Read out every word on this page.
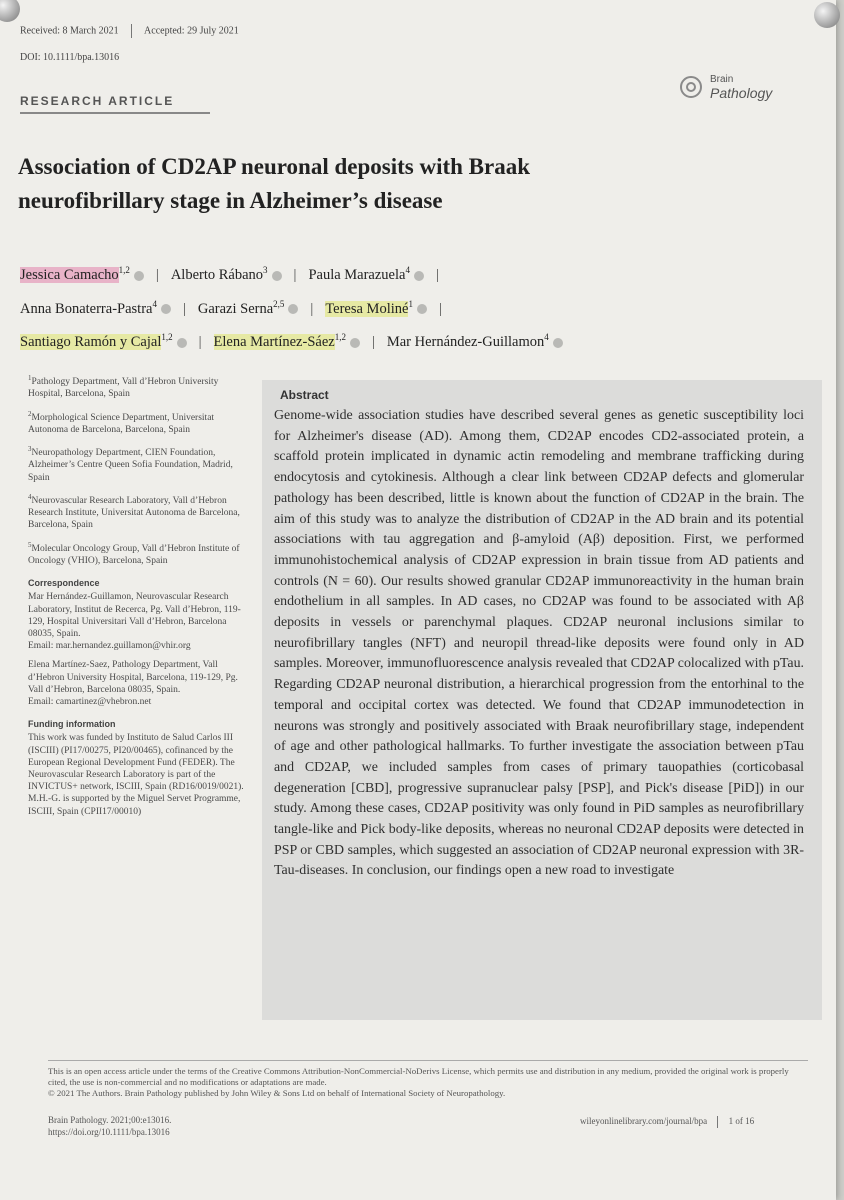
Received: 8 March 2021	Accepted: 29 July 2021
DOI: 10.1111/bpa.13016
Brain
Pathology
RESEARCH ARTICLE
Association of CD2AP neuronal deposits with Braak neurofibrillary stage in Alzheimer’s disease
Jessica Camacho$^{1,2}$ | Alberto Rábano$^3$ | Paula Marazuela$^4$ |
Anna Bonaterra-Pastra$^4$ | Garazi Serna$^{2,5}$ | Teresa Moliné$^1$ |
Santiago Ramón y Cajal$^{1,2}$ | Elena Martínez-Sáez$^{1,2}$ | Mar Hernández-Guillamon$^4$

$^1$Pathology Department, Vall d’Hebron University Hospital, Barcelona, Spain

$^2$Morphological Science Department, Universitat Autonoma de Barcelona, Barcelona, Spain

$^3$Neuropathology Department, CIEN Foundation, Alzheimer’s Centre Queen Sofia Foundation, Madrid, Spain

$^4$Neurovascular Research Laboratory, Vall d’Hebron Research Institute, Universitat Autonoma de Barcelona, Barcelona, Spain

$^5$Molecular Oncology Group, Vall d’Hebron Institute of Oncology (VHIO), Barcelona, Spain

Correspondence

Mar Hernández-Guillamon, Neurovascular Research Laboratory, Institut de Recerca, Pg. Vall d’Hebron, 119-129, Hospital Universitari Vall d’Hebron, Barcelona 08035, Spain.
Email: mar.hernandez.guillamon@vhir.org

Elena Martínez-Saez, Pathology Department, Vall d’Hebron University Hospital, Barcelona, 119-129, Pg. Vall d’Hebron, Barcelona 08035, Spain.
Email: camartinez@vhebron.net

Funding information

This work was funded by Instituto de Salud Carlos III (ISCIII) (PI17/00275, PI20/00465), cofinanced by the European Regional Development Fund (FEDER). The Neurovascular Research Laboratory is part of the INVICTUS+ network, ISCIII, Spain (RD16/0019/0021). M.H.-G. is supported by the Miguel Servet Programme, ISCIII, Spain (CPII17/00010)

Abstract

Genome-wide association studies have described several genes as genetic susceptibility loci for Alzheimer's disease (AD). Among them, CD2AP encodes CD2-associated protein, a scaffold protein implicated in dynamic actin remodeling and membrane trafficking during endocytosis and cytokinesis. Although a clear link between CD2AP defects and glomerular pathology has been described, little is known about the function of CD2AP in the brain. The aim of this study was to analyze the distribution of CD2AP in the AD brain and its potential associations with tau aggregation and β-amyloid (Aβ) deposition. First, we performed immunohistochemical analysis of CD2AP expression in brain tissue from AD patients and controls (N = 60). Our results showed granular CD2AP immunoreactivity in the human brain endothelium in all samples. In AD cases, no CD2AP was found to be associated with Aβ deposits in vessels or parenchymal plaques. CD2AP neuronal inclusions similar to neurofibrillary tangles (NFT) and neuropil thread-like deposits were found only in AD samples. Moreover, immunofluorescence analysis revealed that CD2AP colocalized with pTau. Regarding CD2AP neuronal distribution, a hierarchical progression from the entorhinal to the temporal and occipital cortex was detected. We found that CD2AP immunodetection in neurons was strongly and positively associated with Braak neurofibrillary stage, independent of age and other pathological hallmarks. To further investigate the association between pTau and CD2AP, we included samples from cases of primary tauopathies (corticobasal degeneration [CBD], progressive supranuclear palsy [PSP], and Pick's disease [PiD]) in our study. Among these cases, CD2AP positivity was only found in PiD samples as neurofibrillary tangle-like and Pick body-like deposits, whereas no neuronal CD2AP deposits were detected in PSP or CBD samples, which suggested an association of CD2AP neuronal expression with 3R-Tau-diseases. In conclusion, our findings open a new road to investigate

This is an open access article under the terms of the Creative Commons Attribution-NonCommercial-NoDerivs License, which permits use and distribution in any medium, provided the original work is properly cited, the use is non-commercial and no modifications or adaptations are made.
© 2021 The Authors. Brain Pathology published by John Wiley & Sons Ltd on behalf of International Society of Neuropathology.
Brain Pathology. 2021;00:e13016.
https://doi.org/10.1111/bpa.13016
wileyonlinelibrary.com/journal/bpa 1 of 16
